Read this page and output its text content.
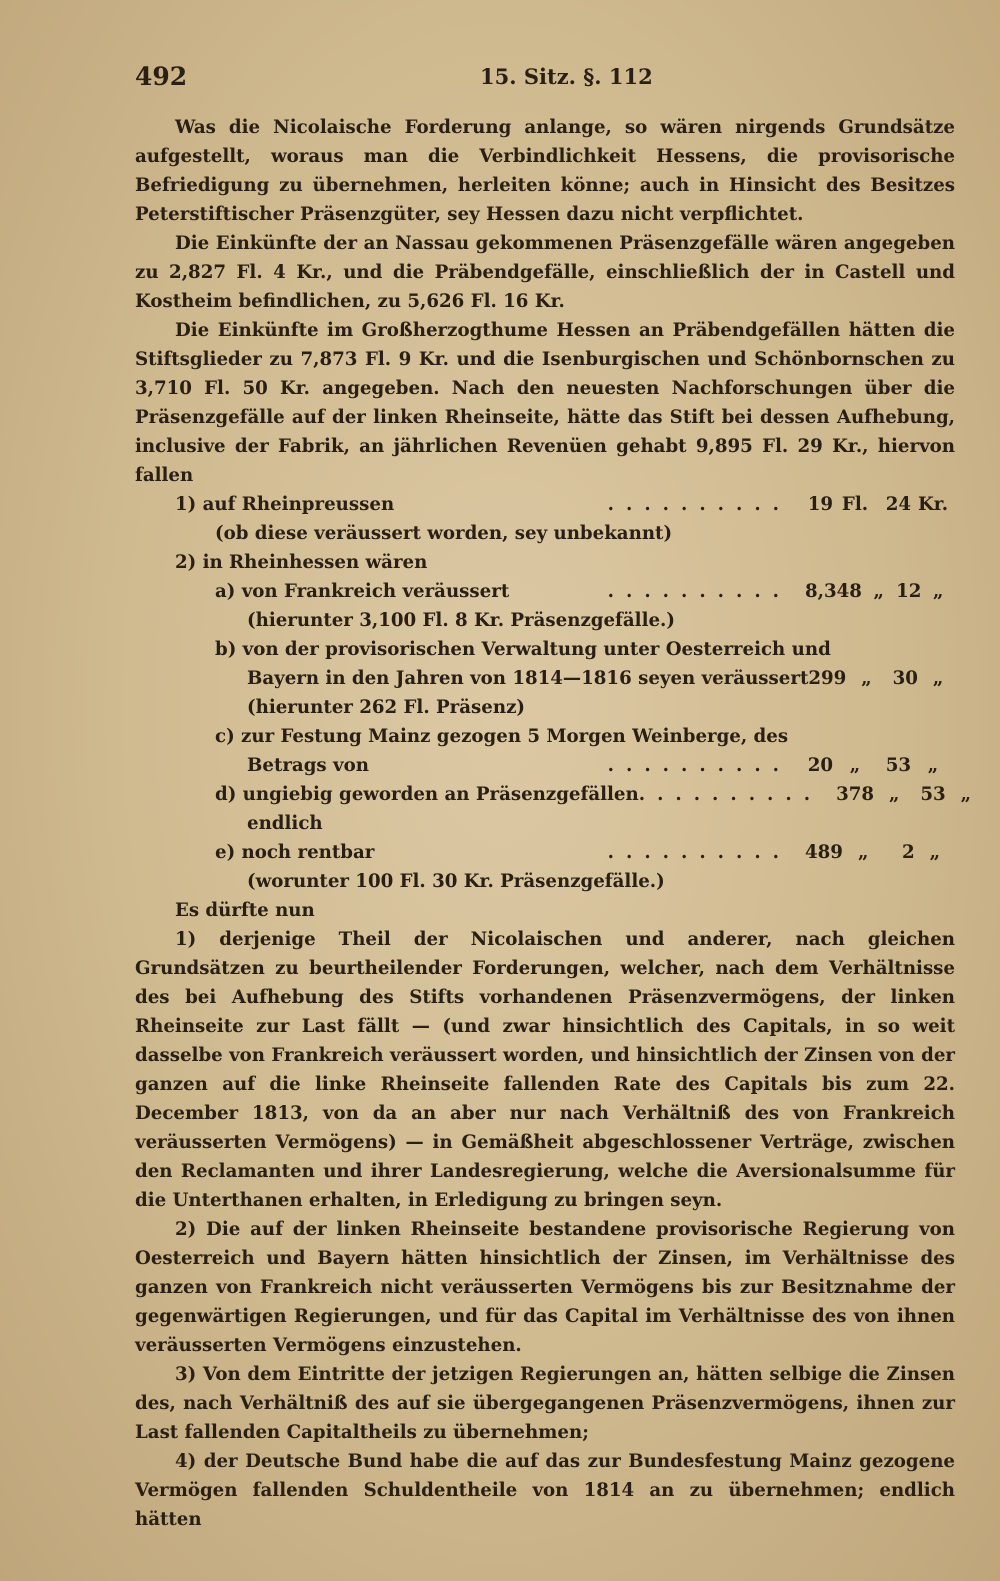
492	15. Sitz. §. 112

Was die Nicolaische Forderung anlange, so wären nirgends Grundsätze aufgestellt, woraus man die Verbindlichkeit Hessens, die provisorische Befriedigung zu übernehmen, herleiten könne; auch in Hinsicht des Besitzes Peterstiftischer Präsenzgüter, sey Hessen dazu nicht verpflichtet.

Die Einkünfte der an Nassau gekommenen Präsenzgefälle wären angegeben zu 2,827 Fl. 4 Kr., und die Präbendgefälle, einschließlich der in Castell und Kostheim befindlichen, zu 5,626 Fl. 16 Kr.

Die Einkünfte im Großherzogthume Hessen an Präbendgefällen hätten die Stiftsglieder zu 7,873 Fl. 9 Kr. und die Isenburgischen und Schönbornschen zu 3,710 Fl. 50 Kr. angegeben. Nach den neuesten Nachforschungen über die Präsenzgefälle auf der linken Rheinseite, hätte das Stift bei dessen Aufhebung, inclusive der Fabrik, an jährlichen Revenüen gehabt 9,895 Fl. 29 Kr., hiervon fallen

1) auf Rheinpreussen	.......... 19 Fl. 24 Kr.
(ob diese veräussert worden, sey unbekannt)
2) in Rheinhessen wären
a) von Frankreich veräussert	.......... 8,348 „ 12 „
(hierunter 3,100 Fl. 8 Kr. Präsenzgefälle.)
b) von der provisorischen Verwaltung unter Oesterreich und
Bayern in den Jahren von 1814—1816 seyen veräussert 299 „	30 „
(hierunter 262 Fl. Präsenz)
c) zur Festung Mainz gezogen 5 Morgen Weinberge, des
Betrags von	.......... 20 „	53 „
d) ungiebig geworden an Präsenzgefällen .......... 378 „	53 „
endlich
e) noch rentbar	.......... 489 „	2 „
(worunter 100 Fl. 30 Kr. Präsenzgefälle.)
Es dürfte nun

1) derjenige Theil der Nicolaischen und anderer, nach gleichen Grundsätzen zu beurtheilender Forderungen, welcher, nach dem Verhältnisse des bei Aufhebung des Stifts vorhandenen Präsenzvermögens, der linken Rheinseite zur Last fällt — (und zwar hinsichtlich des Capitals, in so weit dasselbe von Frankreich veräussert worden, und hinsichtlich der Zinsen von der ganzen auf die linke Rheinseite fallenden Rate des Capitals bis zum 22. December 1813, von da an aber nur nach Verhältniß des von Frankreich veräusserten Vermögens) — in Gemäßheit abgeschlossener Verträge, zwischen den Reclamanten und ihrer Landesregierung, welche die Aversionalsumme für die Unterthanen erhalten, in Erledigung zu bringen seyn.

2) Die auf der linken Rheinseite bestandene provisorische Regierung von Oesterreich und Bayern hätten hinsichtlich der Zinsen, im Verhältnisse des ganzen von Frankreich nicht veräusserten Vermögens bis zur Besitznahme der gegenwärtigen Regierungen, und für das Capital im Verhältnisse des von ihnen veräusserten Vermögens einzustehen.

3) Von dem Eintritte der jetzigen Regierungen an, hätten selbige die Zinsen des, nach Verhältniß des auf sie übergegangenen Präsenzvermögens, ihnen zur Last fallenden Capitaltheils zu übernehmen;

4) der Deutsche Bund habe die auf das zur Bundesfestung Mainz gezogene Vermögen fallenden Schuldentheile von 1814 an zu übernehmen; endlich hätten
